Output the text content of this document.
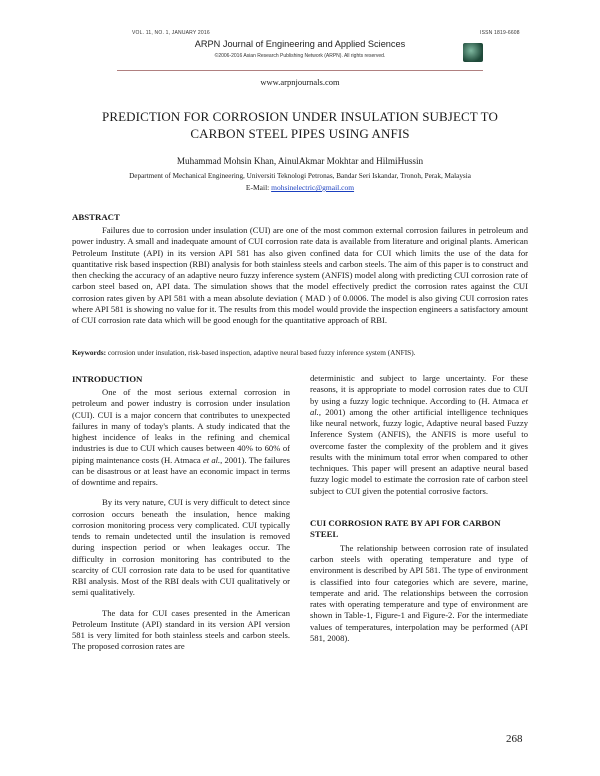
VOL. 11, NO. 1, JANUARY 2016	ISSN 1819-6608
ARPN Journal of Engineering and Applied Sciences
©2006-2016 Asian Research Publishing Network (ARPN). All rights reserved.
www.arpnjournals.com
PREDICTION FOR CORROSION UNDER INSULATION SUBJECT TO
CARBON STEEL PIPES USING ANFIS
Muhammad Mohsin Khan, AinulAkmar Mokhtar and HilmiHussin
Department of Mechanical Engineering, Universiti Teknologi Petronas, Bandar Seri Iskandar, Tronoh, Perak, Malaysia
E-Mail: mohsinelectric@gmail.com
ABSTRACT

Failures due to corrosion under insulation (CUI) are one of the most common external corrosion failures in petroleum and power industry. A small and inadequate amount of CUI corrosion rate data is available from literature and original plants. American Petroleum Institute (API) in its version API 581 has also given confined data for CUI which limits the use of the data for quantitative risk based inspection (RBI) analysis for both stainless steels and carbon steels. The aim of this paper is to construct and then checking the accuracy of an adaptive neuro fuzzy inference system (ANFIS) model along with predicting CUI corrosion rate of carbon steel based on, API data. The simulation shows that the model effectively predict the corrosion rates against the CUI corrosion rates given by API 581 with a mean absolute deviation ( MAD ) of 0.0006. The model is also giving CUI corrosion rates where API 581 is showing no value for it. The results from this model would provide the inspection engineers a satisfactory amount of CUI corrosion rate data which will be good enough for the quantitative approach of RBI.

Keywords: corrosion under insulation, risk-based inspection, adaptive neural based fuzzy inference system (ANFIS).
INTRODUCTION

One of the most serious external corrosion in petroleum and power industry is corrosion under insulation (CUI). CUI is a major concern that contributes to unexpected failures in many of today's plants. A study indicated that the highest incidence of leaks in the refining and chemical industries is due to CUI which causes between 40% to 60% of piping maintenance costs (H. Atmaca et al., 2001). The failures can be disastrous or at least have an economic impact in terms of downtime and repairs.

By its very nature, CUI is very difficult to detect since corrosion occurs beneath the insulation, hence making corrosion monitoring process very complicated. CUI typically tends to remain undetected until the insulation is removed during inspection period or when leakages occur. The difficulty in corrosion monitoring has contributed to the scarcity of CUI corrosion rate data to be used for quantitative RBI analysis. Most of the RBI deals with CUI qualitatively or semi qualitatively.

The data for CUI cases presented in the American Petroleum Institute (API) standard in its version API version 581 is very limited for both stainless steels and carbon steels. The proposed corrosion rates are

deterministic and subject to large uncertainty. For these reasons, it is appropriate to model corrosion rates due to CUI by using a fuzzy logic technique. According to (H. Atmaca et al., 2001) among the other artificial intelligence techniques like neural network, fuzzy logic, Adaptive neural based Fuzzy Inference System (ANFIS), the ANFIS is more useful to overcome faster the complexity of the problem and it gives results with the minimum total error when compared to other techniques. This paper will present an adaptive neural based fuzzy logic model to estimate the corrosion rate of carbon steel subject to CUI given the potential corrosive factors.

CUI CORROSION RATE BY API FOR CARBON STEEL

The relationship between corrosion rate of insulated carbon steels with operating temperature and type of environment is described by API 581. The type of environment is classified into four categories which are severe, marine, temperate and arid. The relationships between the corrosion rates with operating temperature and type of environment are shown in Table-1, Figure-1 and Figure-2. For the intermediate values of temperatures, interpolation may be performed (API 581, 2008).

268
